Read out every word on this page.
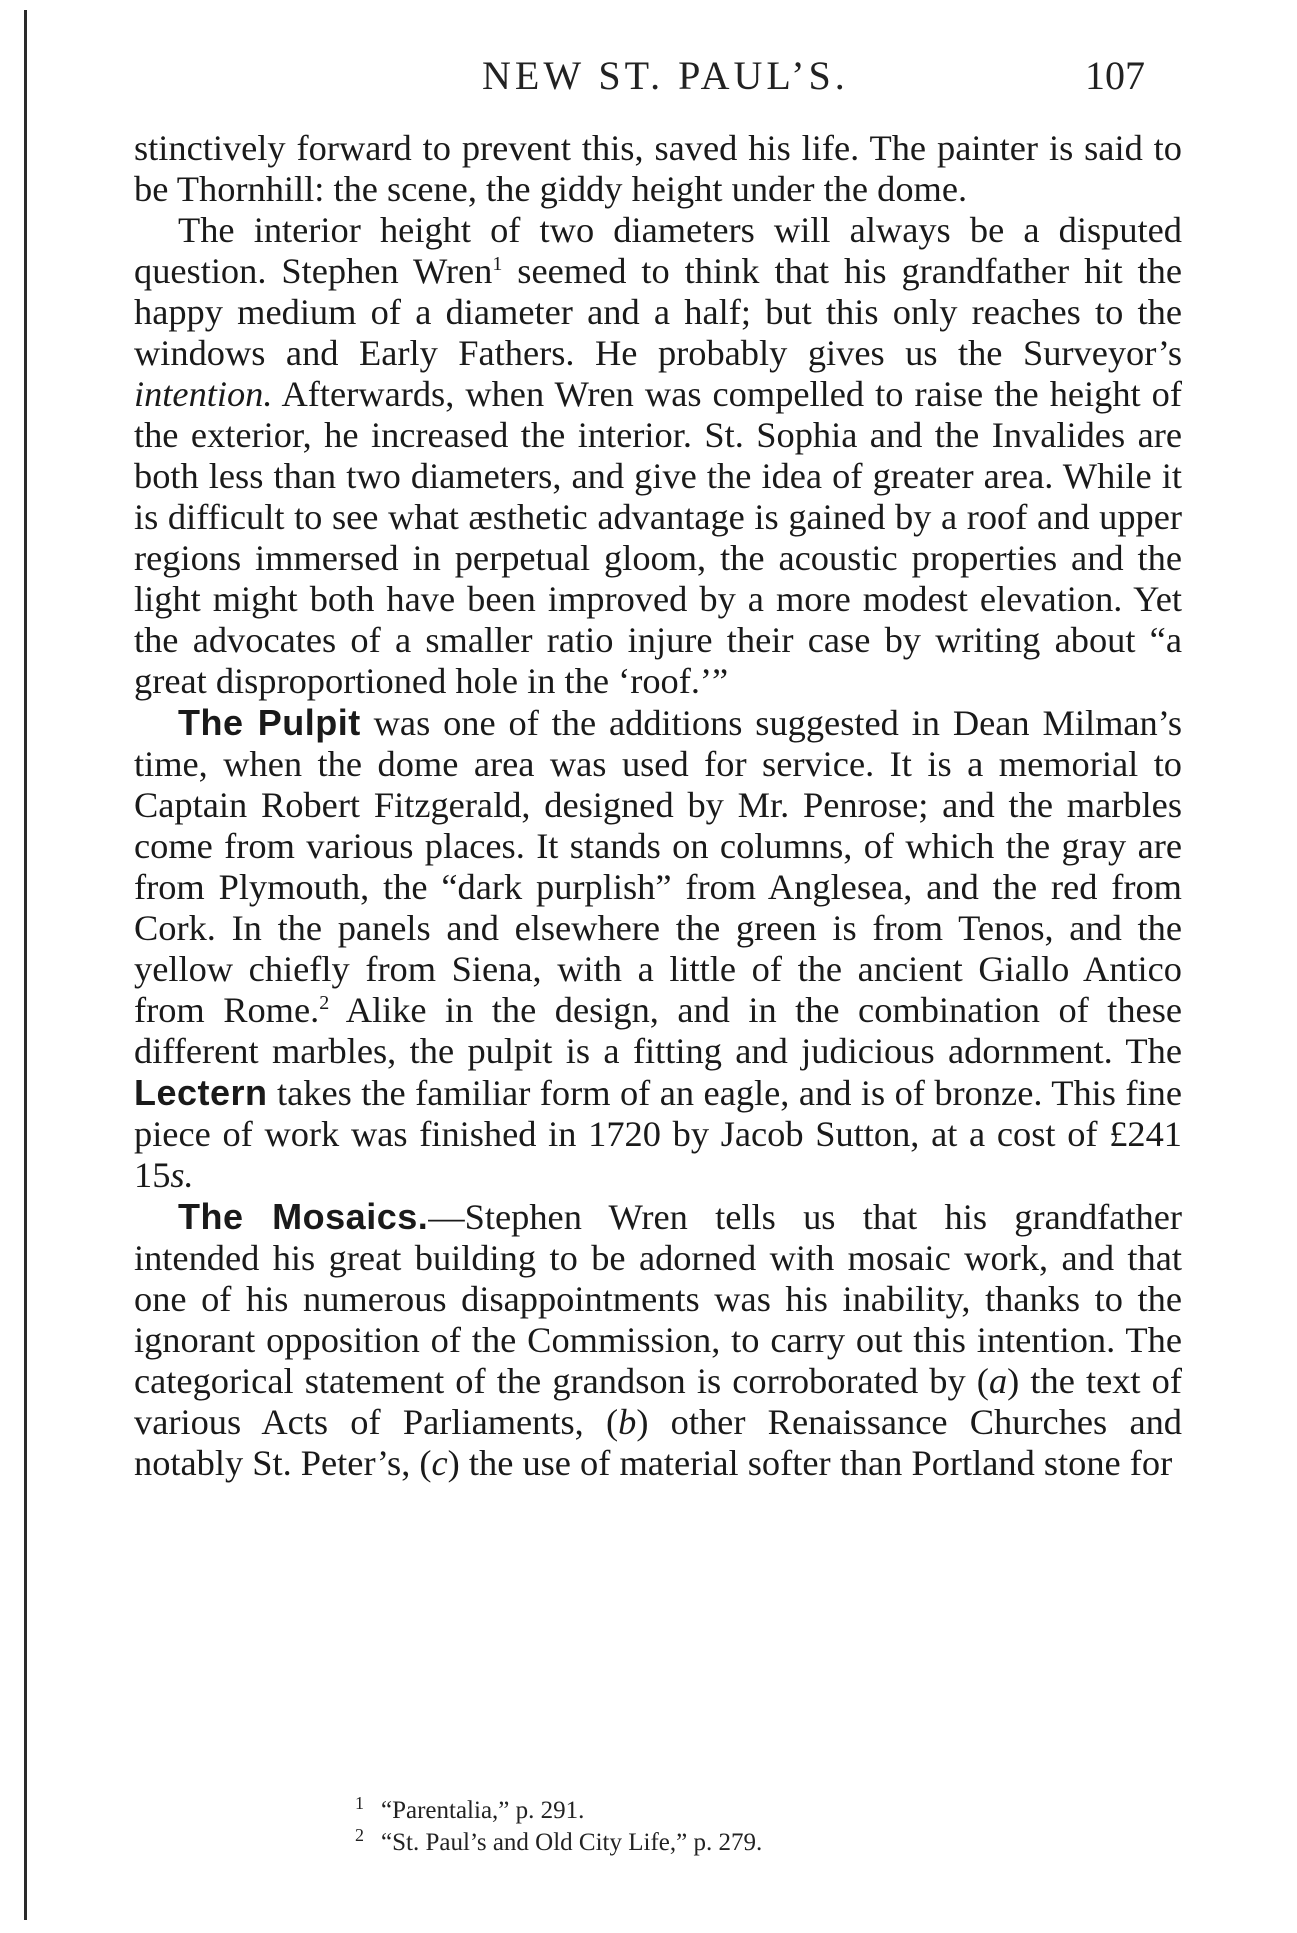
NEW ST. PAUL’S.	107

stinctively forward to prevent this, saved his life. The painter is said to be Thornhill: the scene, the giddy height under the dome.

The interior height of two diameters will always be a disputed question. Stephen Wren$^1$ seemed to think that his grandfather hit the happy medium of a diameter and a half; but this only reaches to the windows and Early Fathers. He probably gives us the Surveyor’s intention. Afterwards, when Wren was compelled to raise the height of the exterior, he increased the interior. St. Sophia and the Invalides are both less than two diameters, and give the idea of greater area. While it is difficult to see what æsthetic advantage is gained by a roof and upper regions immersed in perpetual gloom, the acoustic properties and the light might both have been improved by a more modest elevation. Yet the advocates of a smaller ratio injure their case by writing about “a great disproportioned hole in the ‘roof.’”

The Pulpit was one of the additions suggested in Dean Milman’s time, when the dome area was used for service. It is a memorial to Captain Robert Fitzgerald, designed by Mr. Penrose; and the marbles come from various places. It stands on columns, of which the gray are from Plymouth, the “dark purplish” from Anglesea, and the red from Cork. In the panels and elsewhere the green is from Tenos, and the yellow chiefly from Siena, with a little of the ancient Giallo Antico from Rome.$^2$ Alike in the design, and in the combination of these different marbles, the pulpit is a fitting and judicious adornment. The Lectern takes the familiar form of an eagle, and is of bronze. This fine piece of work was finished in 1720 by Jacob Sutton, at a cost of £241 15s.

The Mosaics.—Stephen Wren tells us that his grandfather intended his great building to be adorned with mosaic work, and that one of his numerous disappointments was his inability, thanks to the ignorant opposition of the Commission, to carry out this intention. The categorical statement of the grandson is corroborated by (a) the text of various Acts of Parliaments, (b) other Renaissance Churches and notably St. Peter’s, (c) the use of material softer than Portland stone for

1 “Parentalia,” p. 291.
2 “St. Paul’s and Old City Life,” p. 279.
